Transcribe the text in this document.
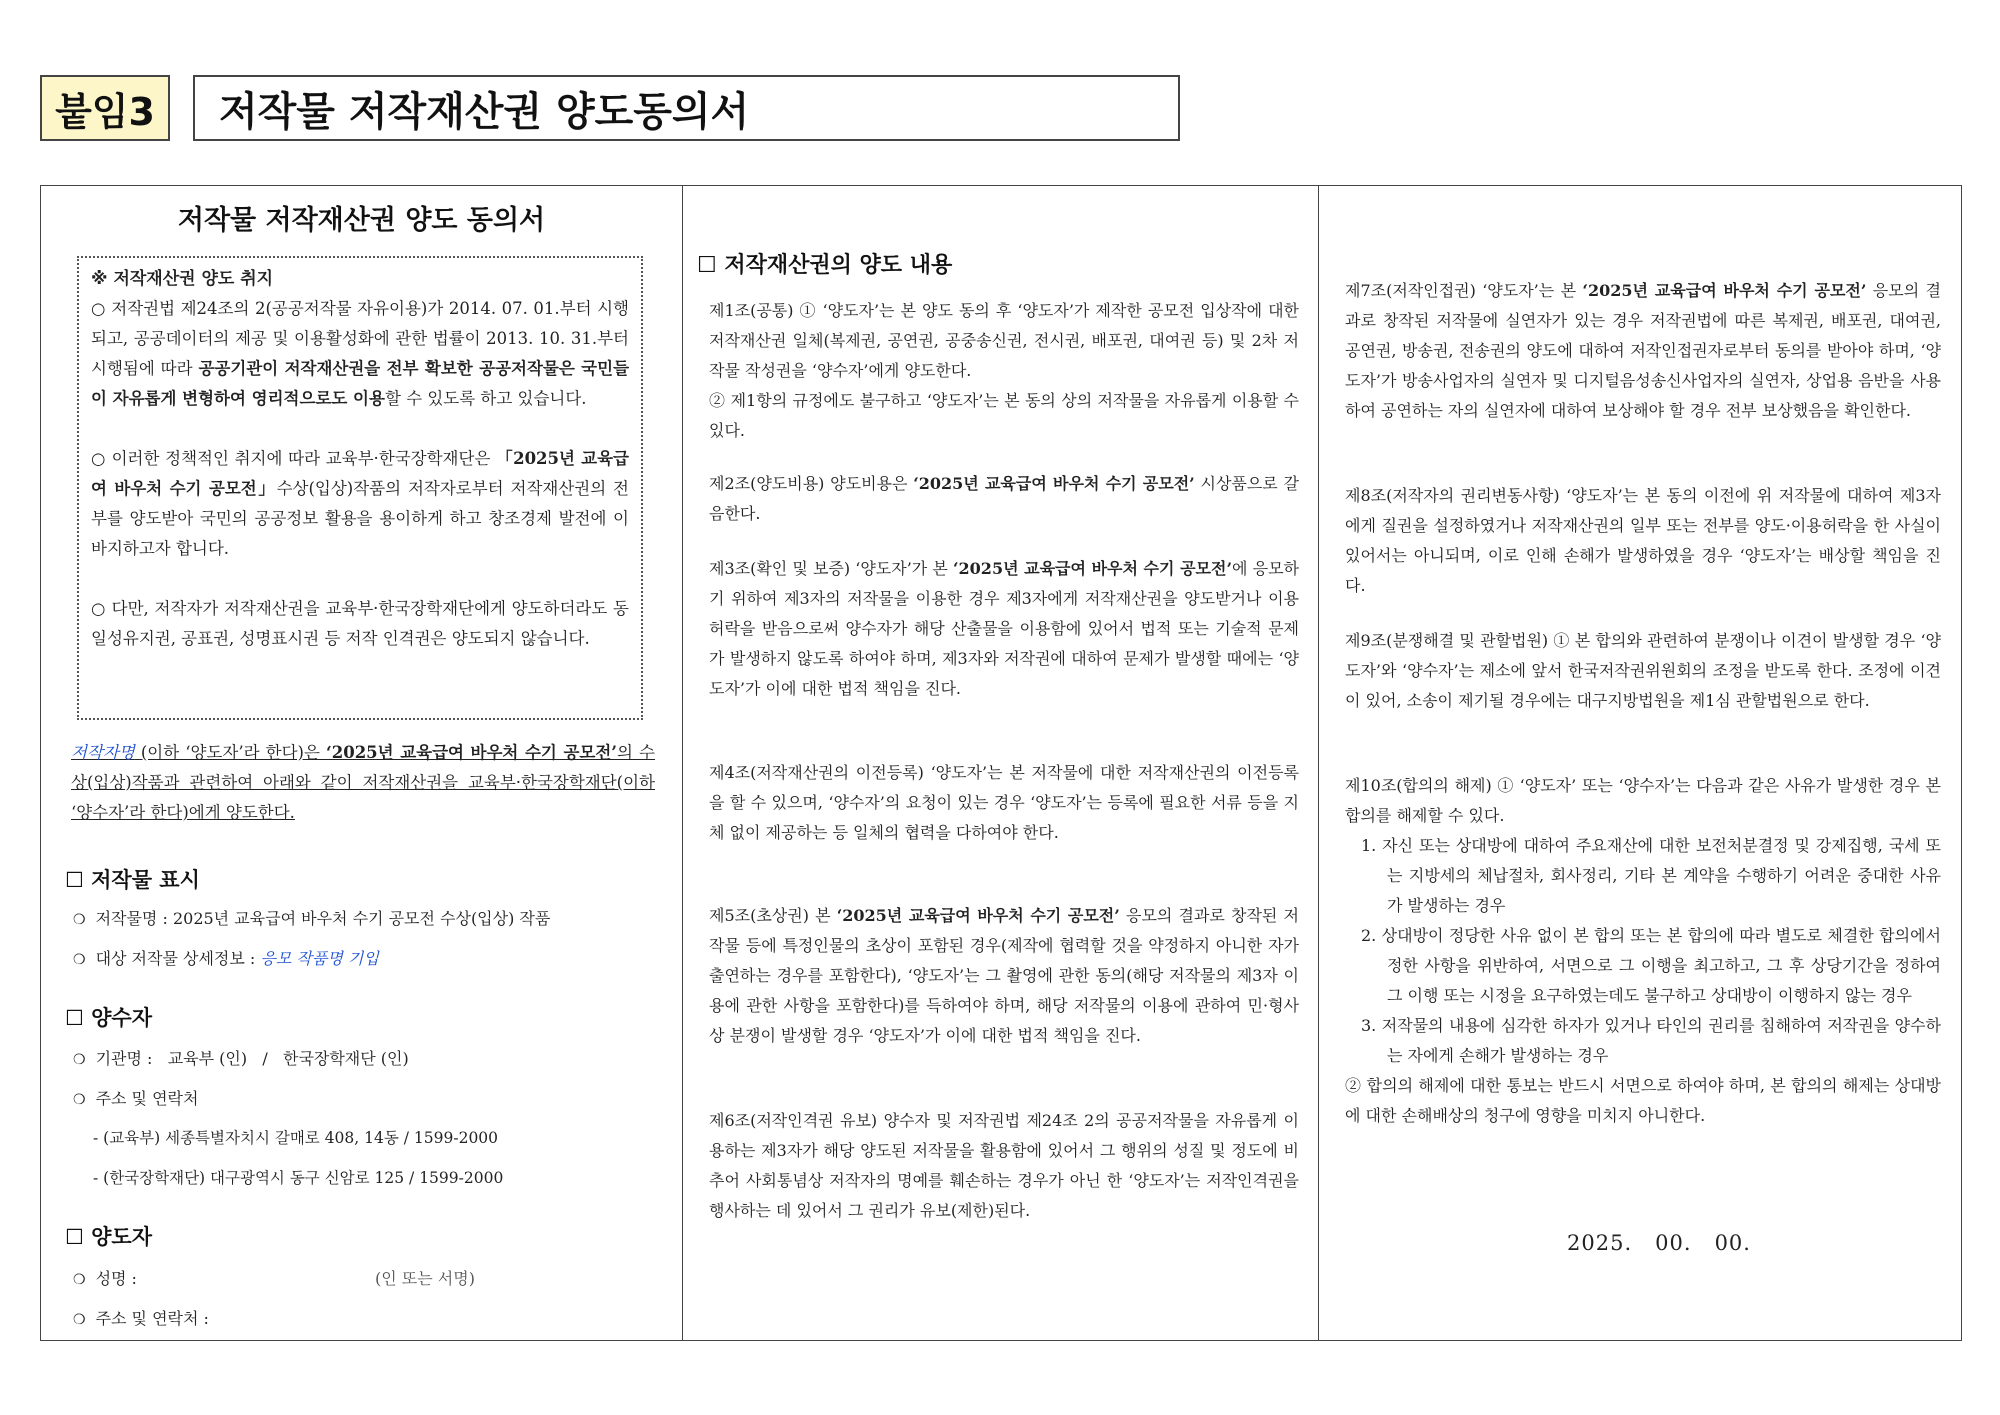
붙임3	저작물 저작재산권 양도동의서
저작물 저작재산권 양도 동의서
※ 저작재산권 양도 취지

○ 저작권법 제24조의 2(공공저작물 자유이용)가 2014. 07. 01.부터 시행되고, 공공데이터의 제공 및 이용활성화에 관한 법률이 2013. 10. 31.부터 시행됨에 따라 공공기관이 저작재산권을 전부 확보한 공공저작물은 국민들이 자유롭게 변형하여 영리적으로도 이용할 수 있도록 하고 있습니다.

○ 이러한 정책적인 취지에 따라 교육부·한국장학재단은 「2025년 교육급여 바우처 수기 공모전」수상(입상)작품의 저작자로부터 저작재산권의 전부를 양도받아 국민의 공공정보 활용을 용이하게 하고 창조경제 발전에 이바지하고자 합니다.

○ 다만, 저작자가 저작재산권을 교육부·한국장학재단에게 양도하더라도 동일성유지권, 공표권, 성명표시권 등 저작 인격권은 양도되지 않습니다.

저작자명 (이하 ‘양도자’라 한다)은 ‘2025년 교육급여 바우처 수기 공모전’의 수상(입상)작품과 관련하여 아래와 같이 저작재산권을 교육부·한국장학재단(이하 ‘양수자’라 한다)에게 양도한다.
☐ 저작물 표시
❍ 저작물명 : 2025년 교육급여 바우처 수기 공모전 수상(입상) 작품
❍ 대상 저작물 상세정보 : 응모 작품명 기입
☐ 양수자
❍ 기관명 : 교육부 (인)   /   한국장학재단 (인)
❍ 주소 및 연락처
- (교육부) 세종특별자치시 갈매로 408, 14동 / 1599-2000
- (한국장학재단) 대구광역시 동구 신암로 125 / 1599-2000
☐ 양도자
❍ 성명 :	(인 또는 서명)
❍ 주소 및 연락처 :
☐ 저작재산권의 양도 내용
제1조(공통) ① ‘양도자’는 본 양도 동의 후 ‘양도자’가 제작한 공모전 입상작에 대한 저작재산권 일체(복제권, 공연권, 공중송신권, 전시권, 배포권, 대여권 등) 및 2차 저작물 작성권을 ‘양수자’에게 양도한다.
② 제1항의 규정에도 불구하고 ‘양도자’는 본 동의 상의 저작물을 자유롭게 이용할 수 있다.
제2조(양도비용) 양도비용은 ‘2025년 교육급여 바우처 수기 공모전’ 시상품으로 갈음한다.
제3조(확인 및 보증) ‘양도자’가 본 ‘2025년 교육급여 바우처 수기 공모전’에 응모하기 위하여 제3자의 저작물을 이용한 경우 제3자에게 저작재산권을 양도받거나 이용 허락을 받음으로써 양수자가 해당 산출물을 이용함에 있어서 법적 또는 기술적 문제가 발생하지 않도록 하여야 하며, 제3자와 저작권에 대하여 문제가 발생할 때에는 ‘양도자’가 이에 대한 법적 책임을 진다.
제4조(저작재산권의 이전등록) ‘양도자’는 본 저작물에 대한 저작재산권의 이전등록을 할 수 있으며, ‘양수자’의 요청이 있는 경우 ‘양도자’는 등록에 필요한 서류 등을 지체 없이 제공하는 등 일체의 협력을 다하여야 한다.
제5조(초상권) 본 ‘2025년 교육급여 바우처 수기 공모전’ 응모의 결과로 창작된 저작물 등에 특정인물의 초상이 포함된 경우(제작에 협력할 것을 약정하지 아니한 자가 출연하는 경우를 포함한다), ‘양도자’는 그 촬영에 관한 동의(해당 저작물의 제3자 이용에 관한 사항을 포함한다)를 득하여야 하며, 해당 저작물의 이용에 관하여 민·형사상 분쟁이 발생할 경우 ‘양도자’가 이에 대한 법적 책임을 진다.
제6조(저작인격권 유보) 양수자 및 저작권법 제24조 2의 공공저작물을 자유롭게 이용하는 제3자가 해당 양도된 저작물을 활용함에 있어서 그 행위의 성질 및 정도에 비추어 사회통념상 저작자의 명예를 훼손하는 경우가 아닌 한 ‘양도자’는 저작인격권을 행사하는 데 있어서 그 권리가 유보(제한)된다.
제7조(저작인접권) ‘양도자’는 본 ‘2025년 교육급여 바우처 수기 공모전’ 응모의 결과로 창작된 저작물에 실연자가 있는 경우 저작권법에 따른 복제권, 배포권, 대여권, 공연권, 방송권, 전송권의 양도에 대하여 저작인접권자로부터 동의를 받아야 하며, ‘양도자’가 방송사업자의 실연자 및 디지털음성송신사업자의 실연자, 상업용 음반을 사용하여 공연하는 자의 실연자에 대하여 보상해야 할 경우 전부 보상했음을 확인한다.
제8조(저작자의 권리변동사항) ‘양도자’는 본 동의 이전에 위 저작물에 대하여 제3자에게 질권을 설정하였거나 저작재산권의 일부 또는 전부를 양도·이용허락을 한 사실이 있어서는 아니되며, 이로 인해 손해가 발생하였을 경우 ‘양도자’는 배상할 책임을 진다.
제9조(분쟁해결 및 관할법원) ① 본 합의와 관련하여 분쟁이나 이견이 발생할 경우 ‘양도자’와 ‘양수자’는 제소에 앞서 한국저작권위원회의 조정을 받도록 한다. 조정에 이견이 있어, 소송이 제기될 경우에는 대구지방법원을 제1심 관할법원으로 한다.
제10조(합의의 해제) ① ‘양도자’ 또는 ‘양수자’는 다음과 같은 사유가 발생한 경우 본 합의를 해제할 수 있다.
1. 자신 또는 상대방에 대하여 주요재산에 대한 보전처분결정 및 강제집행, 국세 또는 지방세의 체납절차, 회사정리, 기타 본 계약을 수행하기 어려운 중대한 사유가 발생하는 경우
2. 상대방이 정당한 사유 없이 본 합의 또는 본 합의에 따라 별도로 체결한 합의에서 정한 사항을 위반하여, 서면으로 그 이행을 최고하고, 그 후 상당기간을 정하여 그 이행 또는 시정을 요구하였는데도 불구하고 상대방이 이행하지 않는 경우
3. 저작물의 내용에 심각한 하자가 있거나 타인의 권리를 침해하여 저작권을 양수하는 자에게 손해가 발생하는 경우
② 합의의 해제에 대한 통보는 반드시 서면으로 하여야 하며, 본 합의의 해제는 상대방에 대한 손해배상의 청구에 영향을 미치지 아니한다.
2025.   00.   00.
